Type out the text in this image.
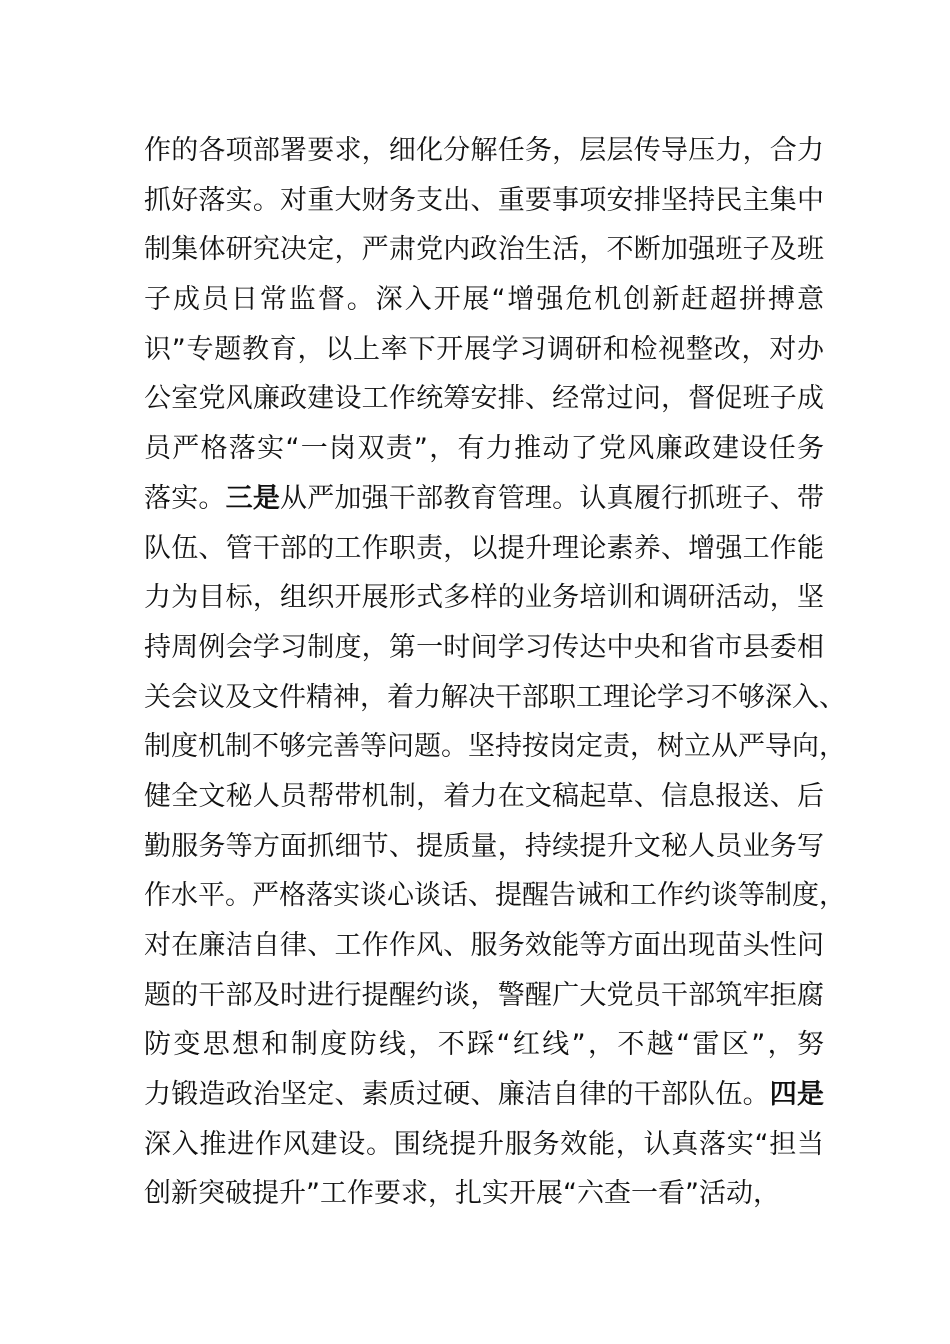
作的各项部署要求，细化分解任务，层层传导压力，合力
抓好落实。对重大财务支出、重要事项安排坚持民主集中
制集体研究决定，严肃党内政治生活，不断加强班子及班
子成员日常监督。深入开展“增强危机创新赶超拼搏意
识”专题教育，以上率下开展学习调研和检视整改，对办
公室党风廉政建设工作统筹安排、经常过问，督促班子成
员严格落实“一岗双责”，有力推动了党风廉政建设任务
落实。三是从严加强干部教育管理。认真履行抓班子、带
队伍、管干部的工作职责，以提升理论素养、增强工作能
力为目标，组织开展形式多样的业务培训和调研活动，坚
持周例会学习制度，第一时间学习传达中央和省市县委相
关会议及文件精神，着力解决干部职工理论学习不够深入、
制度机制不够完善等问题。坚持按岗定责，树立从严导向，
健全文秘人员帮带机制，着力在文稿起草、信息报送、后
勤服务等方面抓细节、提质量，持续提升文秘人员业务写
作水平。严格落实谈心谈话、提醒告诫和工作约谈等制度，
对在廉洁自律、工作作风、服务效能等方面出现苗头性问
题的干部及时进行提醒约谈，警醒广大党员干部筑牢拒腐
防变思想和制度防线，不踩“红线”，不越“雷区”，努
力锻造政治坚定、素质过硬、廉洁自律的干部队伍。四是
深入推进作风建设。围绕提升服务效能，认真落实“担当
创新突破提升”工作要求，扎实开展“六查一看”活动，
